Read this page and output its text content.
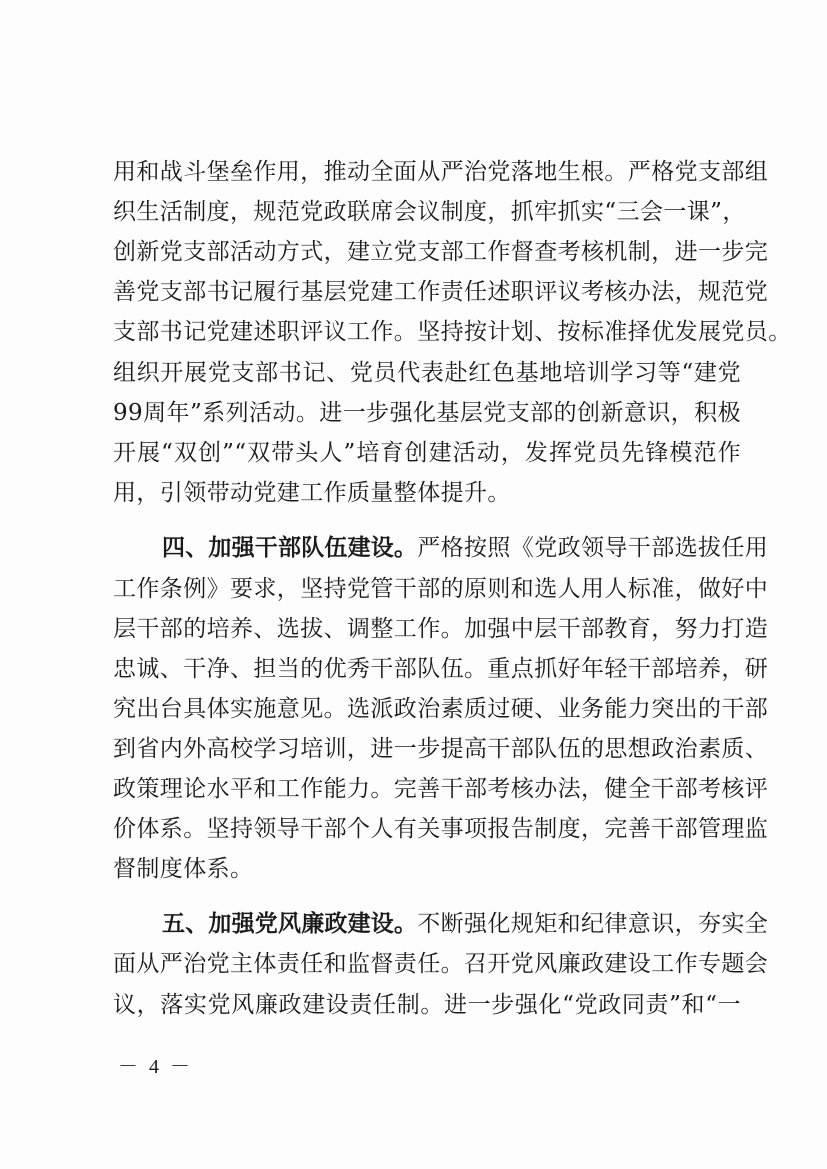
用和战斗堡垒作用，推动全面从严治党落地生根。严格党支部组
织生活制度，规范党政联席会议制度，抓牢抓实“三会一课”，
创新党支部活动方式，建立党支部工作督查考核机制，进一步完
善党支部书记履行基层党建工作责任述职评议考核办法，规范党
支部书记党建述职评议工作。坚持按计划、按标准择优发展党员。
组织开展党支部书记、党员代表赴红色基地培训学习等“建党
99周年”系列活动。进一步强化基层党支部的创新意识，积极
开展“双创”“双带头人”培育创建活动，发挥党员先锋模范作
用，引领带动党建工作质量整体提升。
四、加强干部队伍建设。严格按照《党政领导干部选拔任用
工作条例》要求，坚持党管干部的原则和选人用人标准，做好中
层干部的培养、选拔、调整工作。加强中层干部教育，努力打造
忠诚、干净、担当的优秀干部队伍。重点抓好年轻干部培养，研
究出台具体实施意见。选派政治素质过硬、业务能力突出的干部
到省内外高校学习培训，进一步提高干部队伍的思想政治素质、
政策理论水平和工作能力。完善干部考核办法，健全干部考核评
价体系。坚持领导干部个人有关事项报告制度，完善干部管理监
督制度体系。
五、加强党风廉政建设。不断强化规矩和纪律意识，夯实全
面从严治党主体责任和监督责任。召开党风廉政建设工作专题会
议，落实党风廉政建设责任制。进一步强化“党政同责”和“一
－ 4 －
